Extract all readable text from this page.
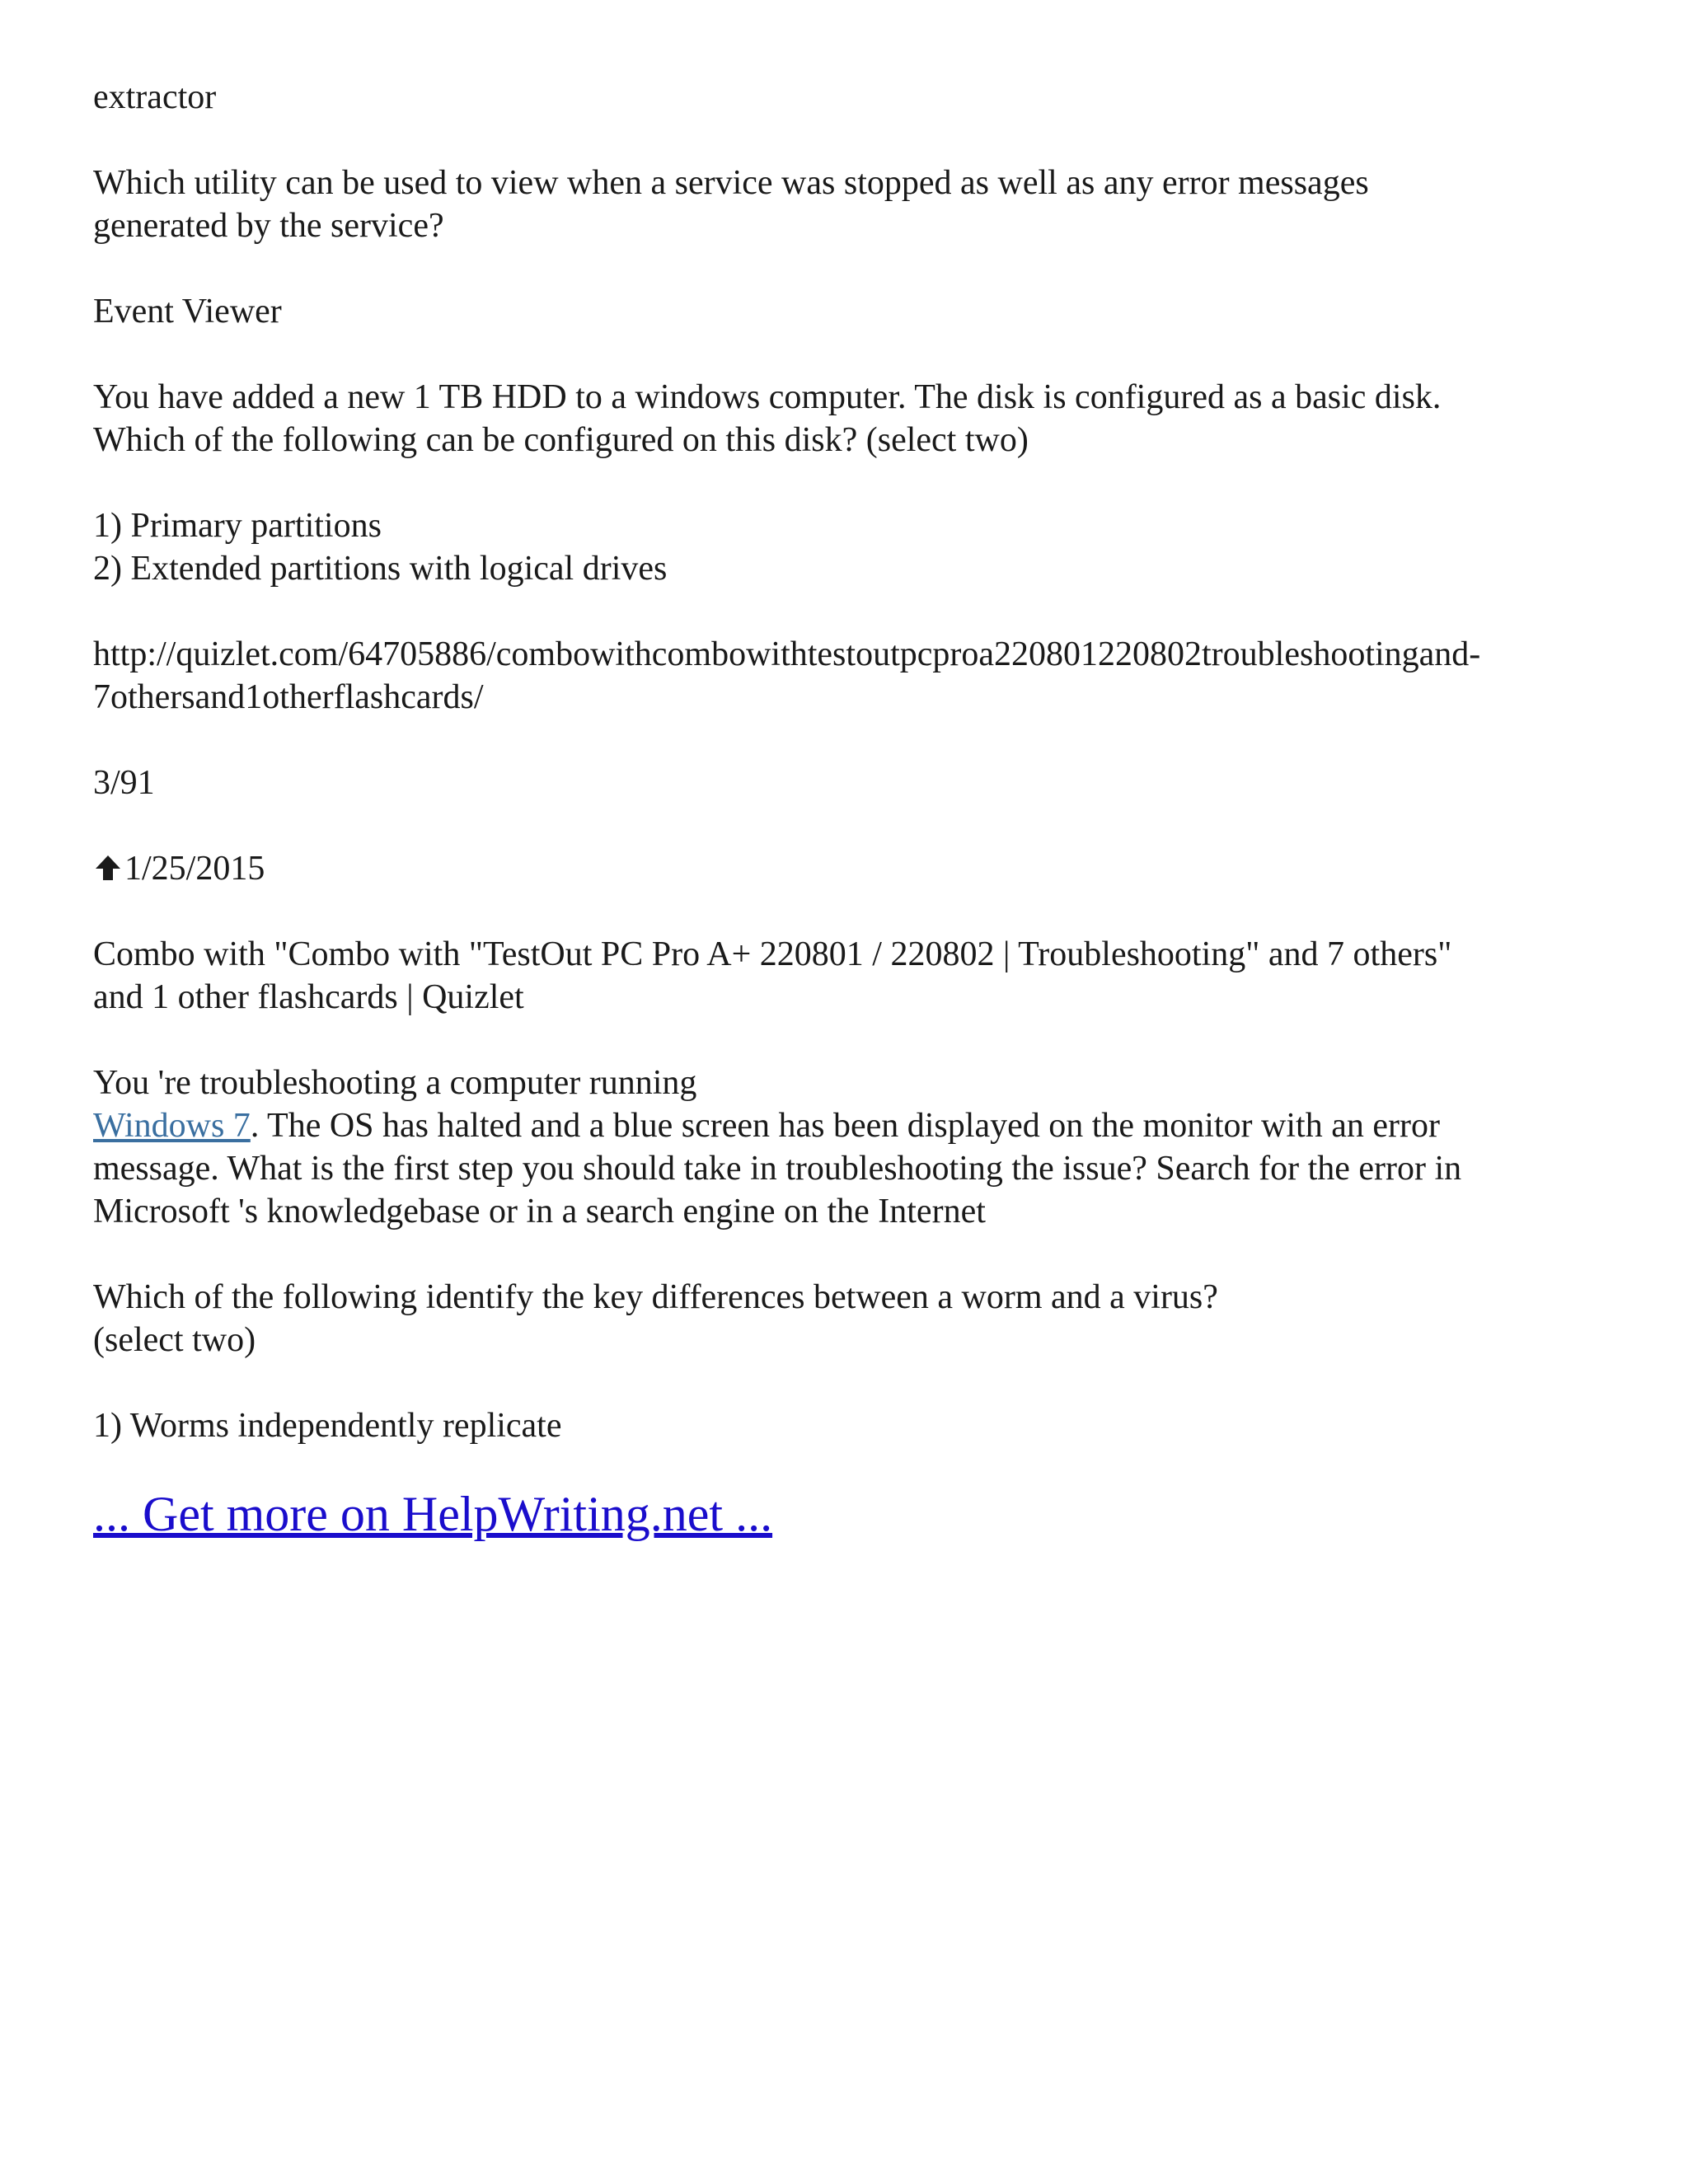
extractor

Which utility can be used to view when a service was stopped as well as any error messages
generated by the service?

Event Viewer

You have added a new 1 TB HDD to a windows computer. The disk is configured as a basic disk.
Which of the following can be configured on this disk? (select two)

1) Primary partitions
2) Extended partitions with logical drives

http://quizlet.com/64705886/combowithcombowithtestoutpcproa220801220802troubleshootingand-
7othersand1otherflashcards/

3/91

1/25/2015

Combo with "Combo with "TestOut PC Pro A+ 220801 / 220802 | Troubleshooting" and 7 others"
and 1 other flashcards | Quizlet

You 're troubleshooting a computer running
Windows 7. The OS has halted and a blue screen has been displayed on the monitor with an error
message. What is the first step you should take in troubleshooting the issue? Search for the error in
Microsoft 's knowledgebase or in a search engine on the Internet

Which of the following identify the key differences between a worm and a virus?
(select two)

1) Worms independently replicate

... Get more on HelpWriting.net ...
